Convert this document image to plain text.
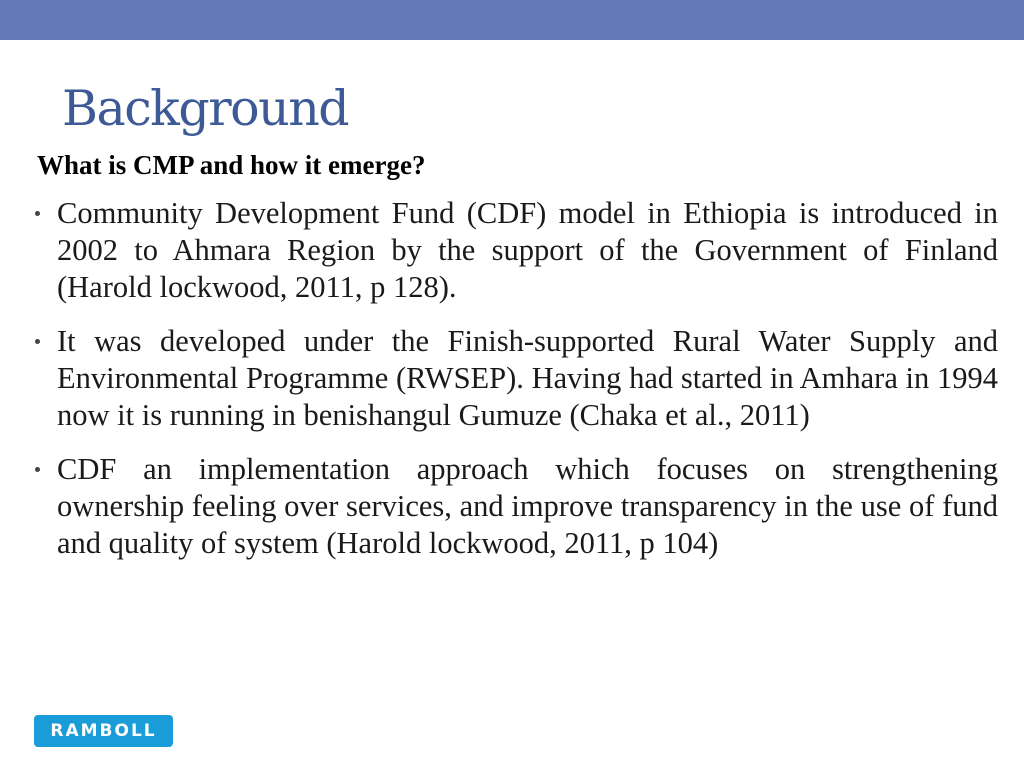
Background
What is CMP and how it emerge?
Community Development Fund (CDF) model in Ethiopia is introduced in 2002 to Ahmara Region by the support of the Government of Finland (Harold lockwood, 2011, p 128).
It was developed under the Finish-supported Rural Water Supply and Environmental Programme (RWSEP). Having had started in Amhara in 1994 now it is running in benishangul Gumuze (Chaka et al., 2011)
CDF an implementation approach which focuses on strengthening ownership feeling over services, and improve transparency in the use of fund and quality of system (Harold lockwood, 2011, p 104)
RAMBOLL
